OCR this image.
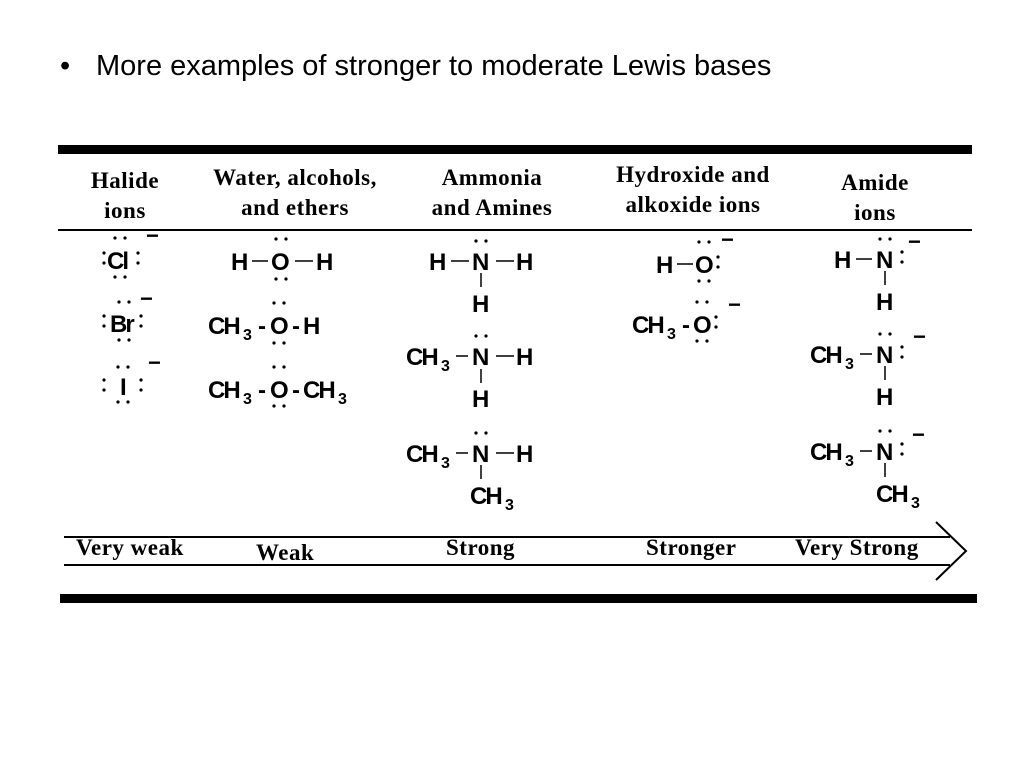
• More examples of stronger to moderate Lewis bases
Halide
ions
Water, alcohols,
and ethers
Ammonia
and Amines
Hydroxide and
alkoxide ions
Amide
ions
Cl
−
Br
−
I
−
H O H
CH 3 - O - H
CH 3 - O - CH 3
H N H
H
CH 3 N H
H
CH 3 N H
CH 3
H O
−
CH 3 - O
−
H N
H
−
CH 3 N
H
−
CH 3 N
CH 3
−
Very weak	Weak	Strong	Stronger	Very Strong
